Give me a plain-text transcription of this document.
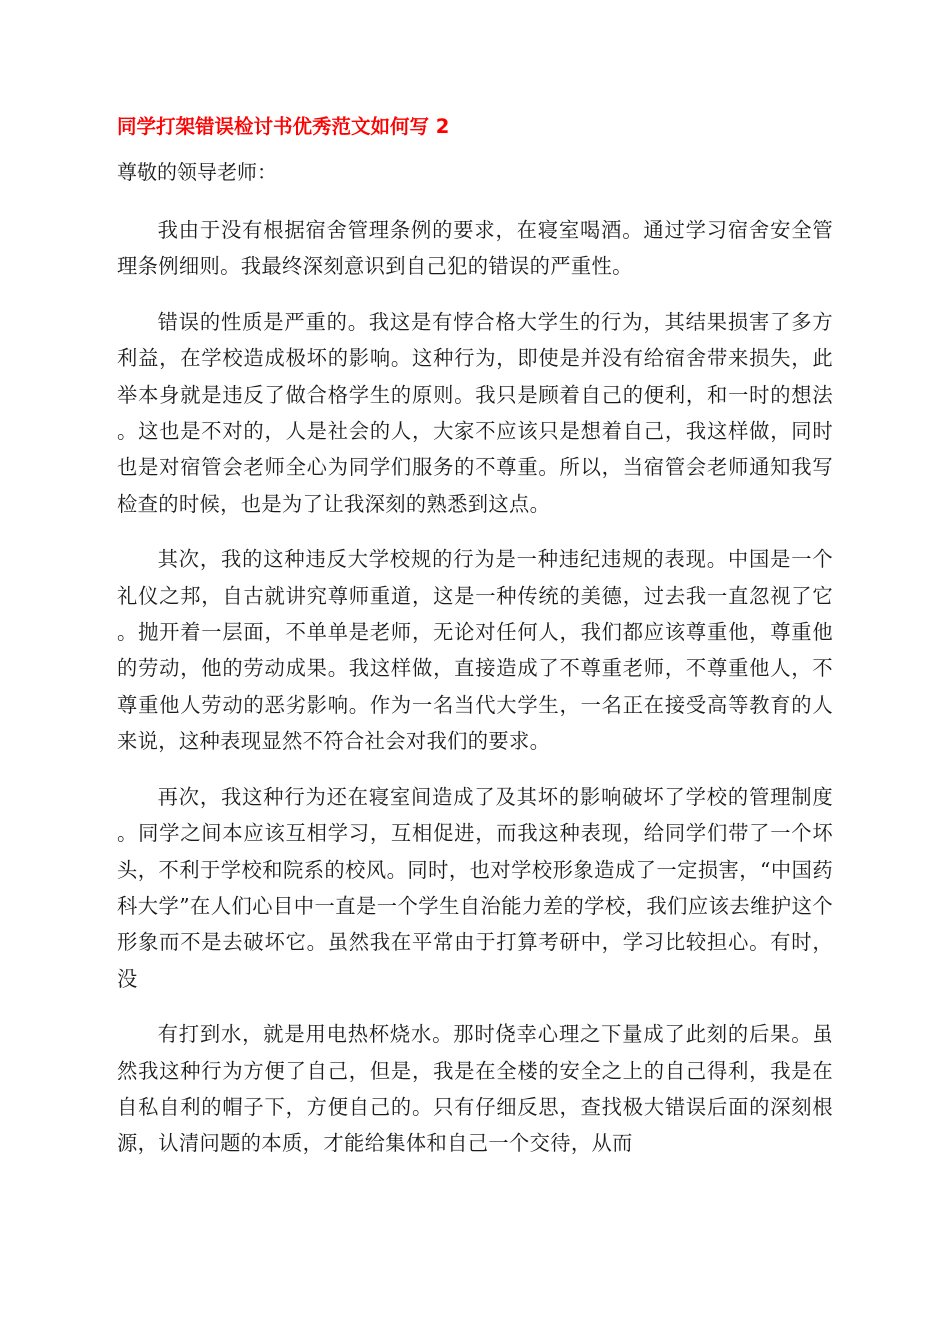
同学打架错误检讨书优秀范文如何写 2

尊敬的领导老师：

我由于没有根据宿舍管理条例的要求，在寝室喝酒。通过学习宿舍安全管理条例细则。我最终深刻意识到自己犯的错误的严重性。

错误的性质是严重的。我这是有悖合格大学生的行为，其结果损害了多方利益，在学校造成极坏的影响。这种行为，即使是并没有给宿舍带来损失，此举本身就是违反了做合格学生的原则。我只是顾着自己的便利，和一时的想法。这也是不对的，人是社会的人，大家不应该只是想着自己，我这样做，同时也是对宿管会老师全心为同学们服务的不尊重。所以，当宿管会老师通知我写检查的时候，也是为了让我深刻的熟悉到这点。

其次，我的这种违反大学校规的行为是一种违纪违规的表现。中国是一个礼仪之邦，自古就讲究尊师重道，这是一种传统的美德，过去我一直忽视了它。抛开着一层面，不单单是老师，无论对任何人，我们都应该尊重他，尊重他的劳动，他的劳动成果。我这样做，直接造成了不尊重老师，不尊重他人，不尊重他人劳动的恶劣影响。作为一名当代大学生，一名正在接受高等教育的人来说，这种表现显然不符合社会对我们的要求。

再次，我这种行为还在寝室间造成了及其坏的影响破坏了学校的管理制度。同学之间本应该互相学习，互相促进，而我这种表现，给同学们带了一个坏头，不利于学校和院系的校风。同时，也对学校形象造成了一定损害，“中国药科大学”在人们心目中一直是一个学生自治能力差的学校，我们应该去维护这个形象而不是去破坏它。虽然我在平常由于打算考研中，学习比较担心。有时，没

有打到水，就是用电热杯烧水。那时侥幸心理之下量成了此刻的后果。虽然我这种行为方便了自己，但是，我是在全楼的安全之上的自己得利，我是在自私自利的帽子下，方便自己的。只有仔细反思，查找极大错误后面的深刻根源，认清问题的本质，才能给集体和自己一个交待，从而
